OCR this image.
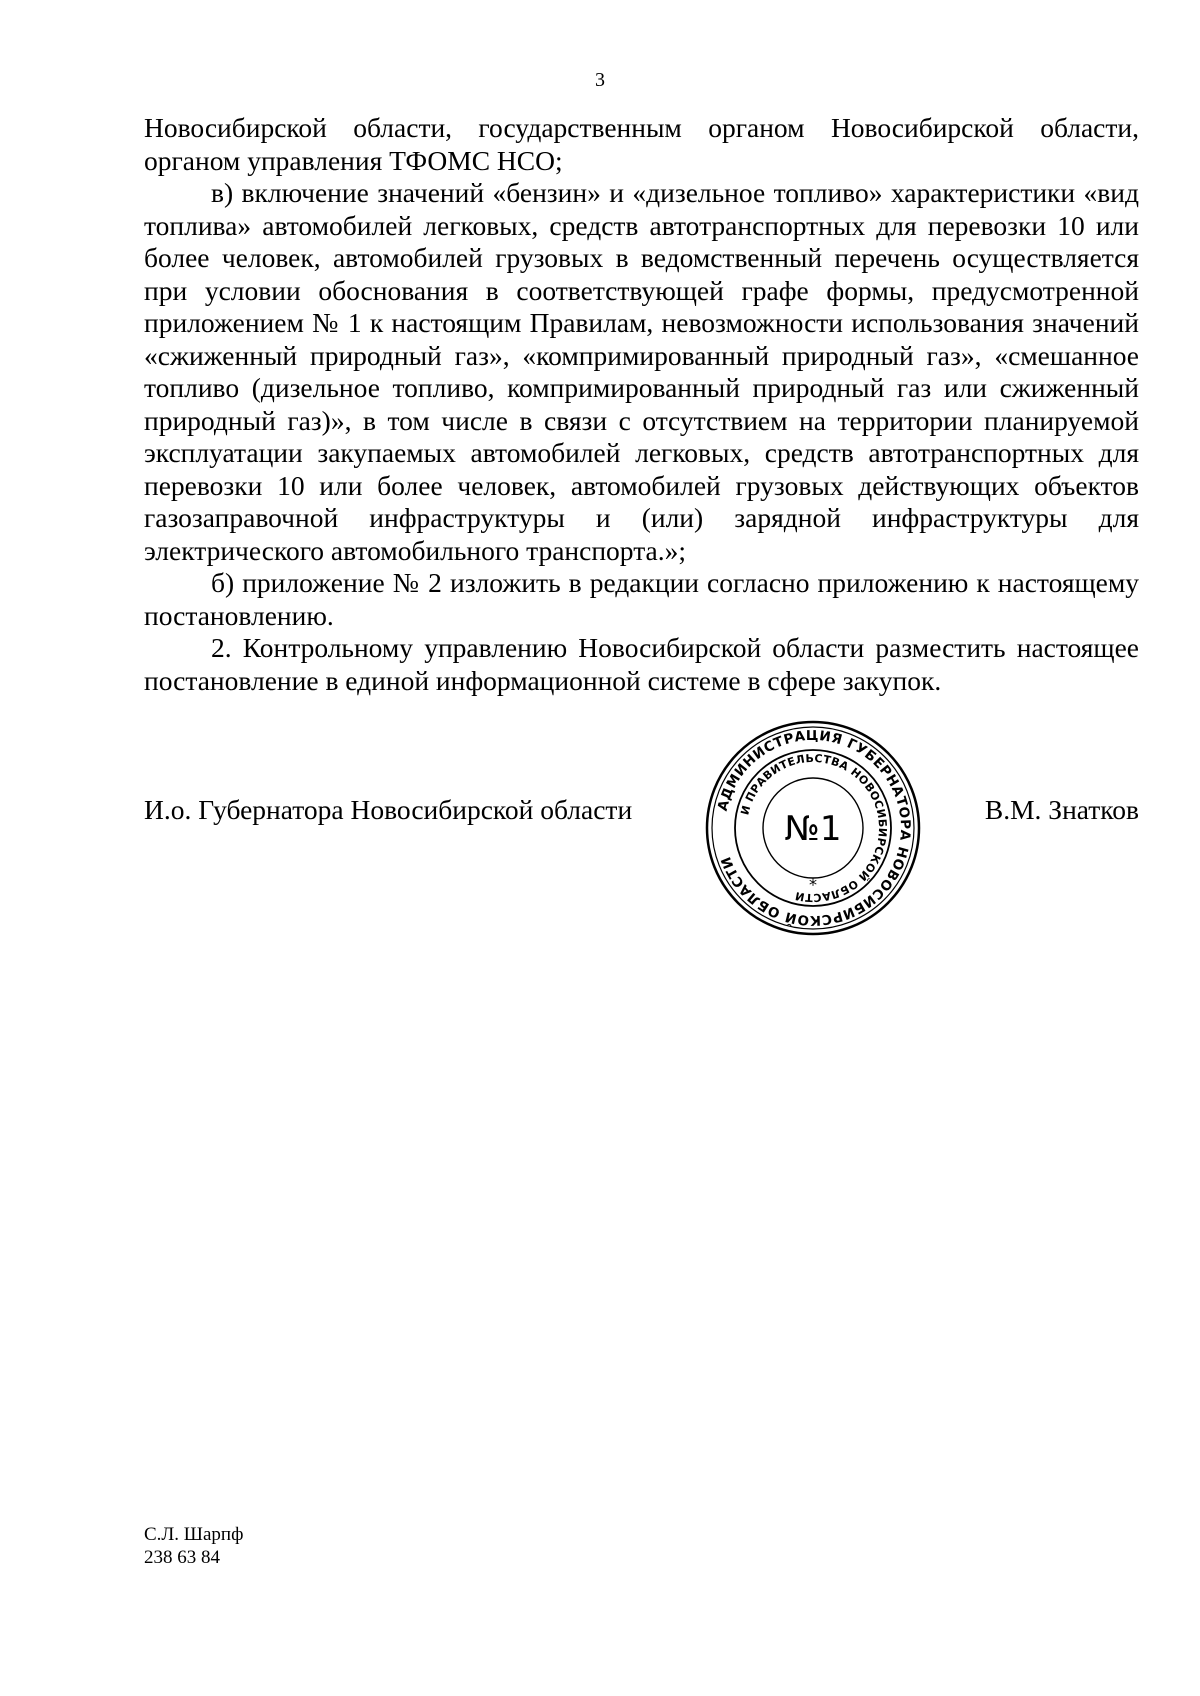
3

Новосибирской области, государственным органом Новосибирской области, органом управления ТФОМС НСО;

в) включение значений «бензин» и «дизельное топливо» характеристики «вид топлива» автомобилей легковых, средств автотранспортных для перевозки 10 или более человек, автомобилей грузовых в ведомственный перечень осуществляется при условии обоснования в соответствующей графе формы, предусмотренной приложением № 1 к настоящим Правилам, невозможности использования значений «сжиженный природный газ», «компримированный природный газ», «смешанное топливо (дизельное топливо, компримированный природный газ или сжиженный природный газ)», в том числе в связи с отсутствием на территории планируемой эксплуатации закупаемых автомобилей легковых, средств автотранспортных для перевозки 10 или более человек, автомобилей грузовых действующих объектов газозаправочной инфраструктуры и (или) зарядной инфраструктуры для электрического автомобильного транспорта.»;

б) приложение № 2 изложить в редакции согласно приложению к настоящему постановлению.

2. Контрольному управлению Новосибирской области разместить настоящее постановление в единой информационной системе в сфере закупок.

И.о. Губернатора Новосибирской области	В.М. Знатков
АДМИНИСТРАЦИЯ ГУБЕРНАТОРА НОВОСИБИРСКОЙ ОБЛАСТИ
И ПРАВИТЕЛЬСТВА НОВОСИБИРСКОЙ ОБЛАСТИ
№1
*
С.Л. Шарпф
238 63 84
